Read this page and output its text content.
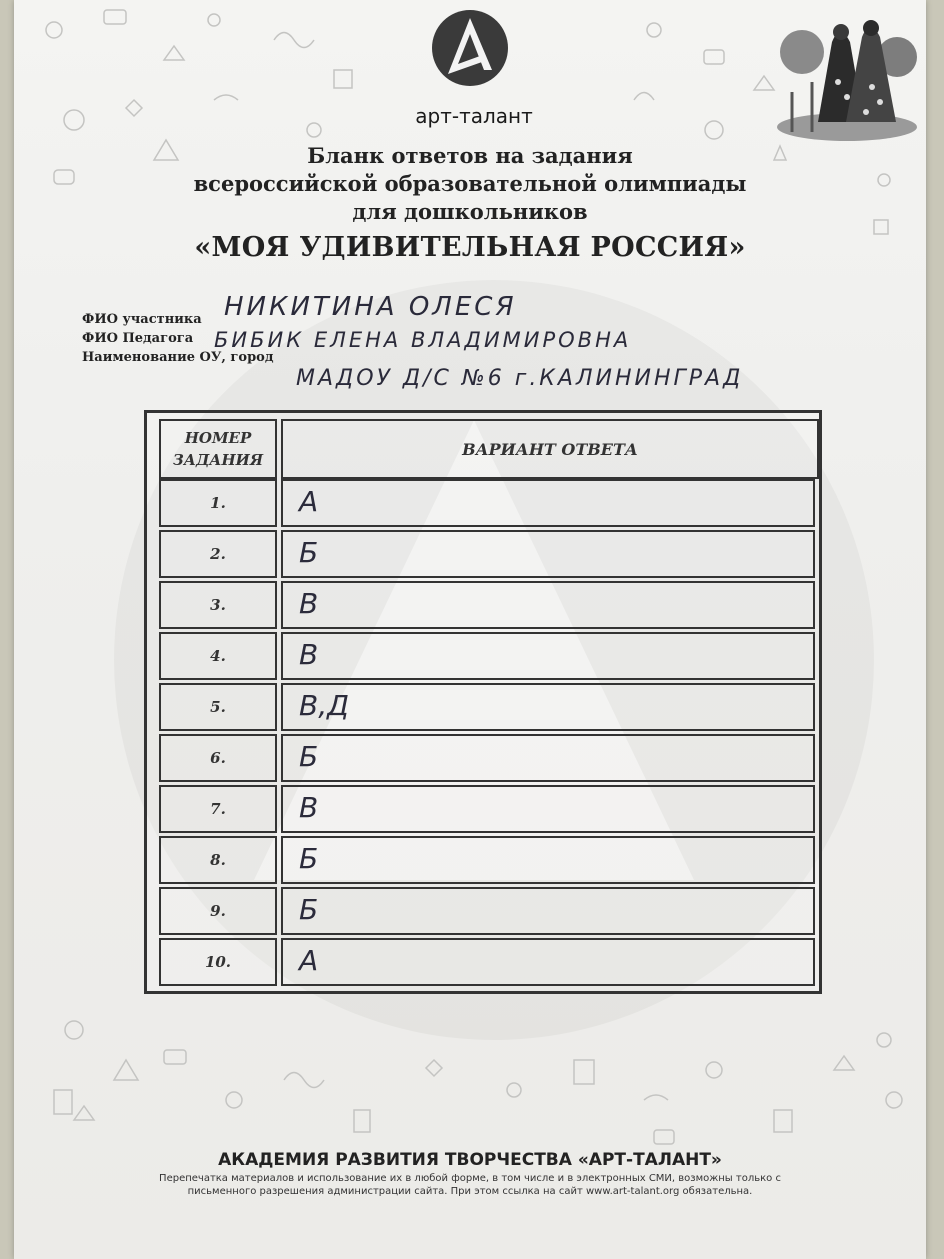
арт-талант
Бланк ответов на задания
всероссийской образовательной олимпиады
для дошкольников
«МОЯ УДИВИТЕЛЬНАЯ РОССИЯ»
ФИО участника НИКИТИНА ОЛЕСЯ
ФИО Педагога БИБИК ЕЛЕНА ВЛАДИМИРОВНА
Наименование ОУ, город
МАДОУ Д/С №6 г.КАЛИНИНГРАД
НОМЕР
ЗАДАНИЯ
ВАРИАНТ ОТВЕТА
1.	А
2.	Б
3.	В
4.	В
5.	В,Д
6.	Б
7.	В
8.	Б
9.	Б
10.	А
АКАДЕМИЯ РАЗВИТИЯ ТВОРЧЕСТВА «АРТ-ТАЛАНТ»
Перепечатка материалов и использование их в любой форме, в том числе и в электронных СМИ, возможны только с
письменного разрешения администрации сайта. При этом ссылка на сайт www.art-talant.org обязательна.
